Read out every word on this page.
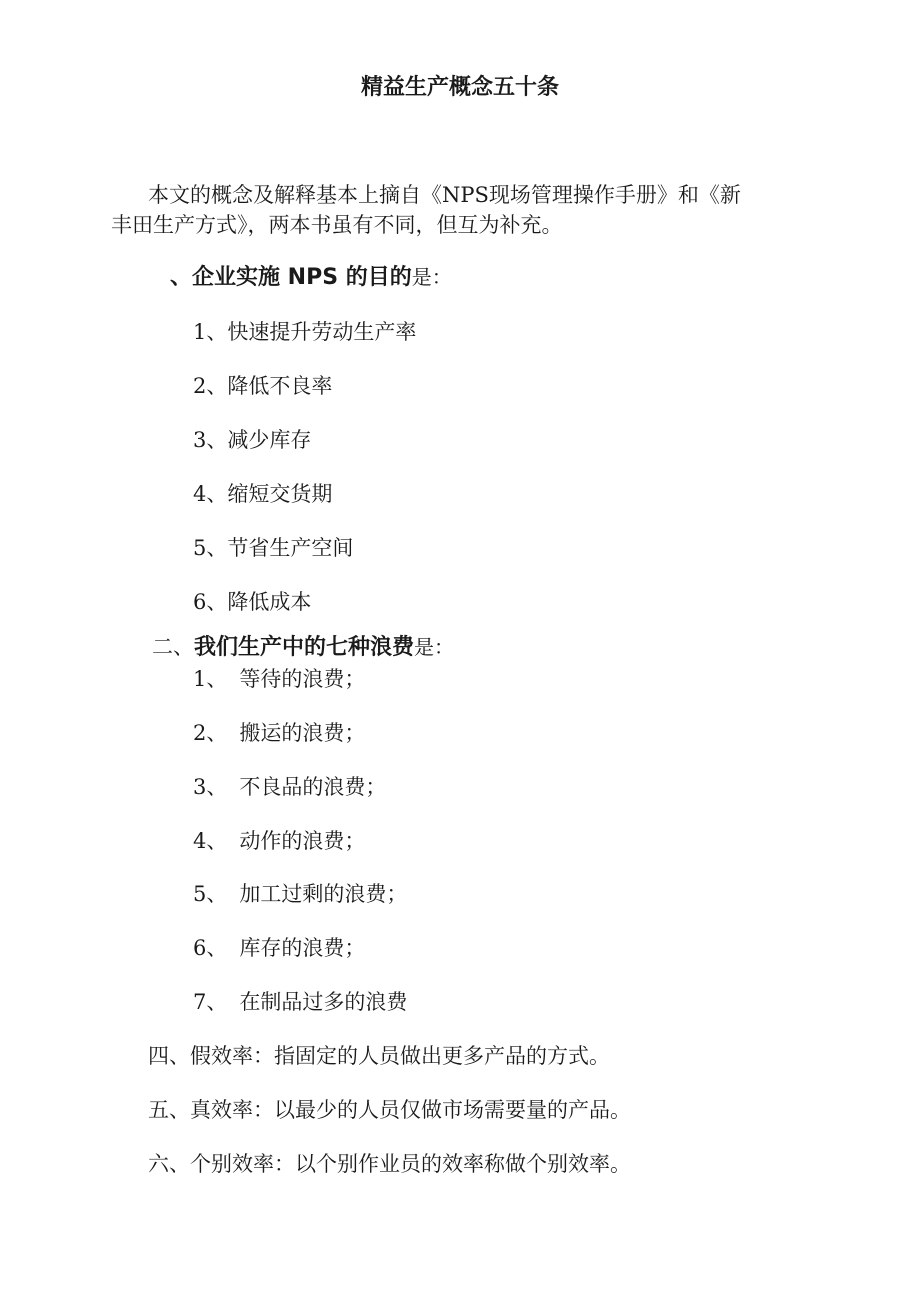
精益生产概念五十条
本文的概念及解释基本上摘自《NPS现场管理操作手册》和《新
丰田生产方式》，两本书虽有不同，但互为补充。
、企业实施 NPS 的目的是：
1、快速提升劳动生产率
2、降低不良率
3、减少库存
4、缩短交货期
5、节省生产空间
6、降低成本
二、我们生产中的七种浪费是：
1、 等待的浪费；
2、 搬运的浪费；
3、 不良品的浪费；
4、 动作的浪费；
5、 加工过剩的浪费；
6、 库存的浪费；
7、 在制品过多的浪费
四、假效率：指固定的人员做出更多产品的方式。
五、真效率：以最少的人员仅做市场需要量的产品。
六、个别效率：以个别作业员的效率称做个别效率。
